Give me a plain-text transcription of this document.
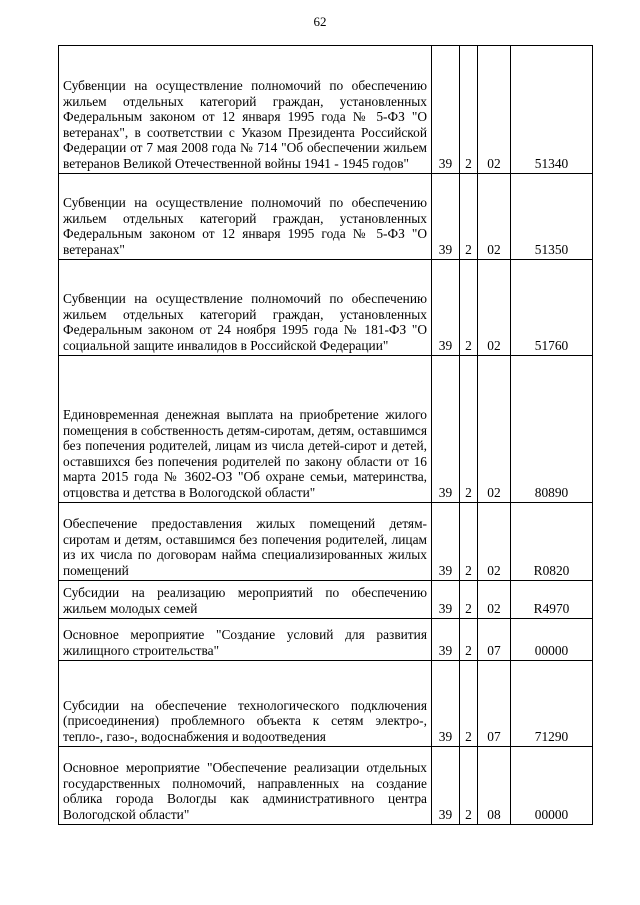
62
Субвенции на осуществление полномочий по обеспечению жильем отдельных категорий граждан, установленных Федеральным законом от 12 января 1995 года № 5-ФЗ "О ветеранах", в соответствии с Указом Президента Российской Федерации от 7 мая 2008 года № 714 "Об обеспечении жильем ветеранов Великой Отечественной войны 1941 - 1945 годов"	39	2	02	51340
Субвенции на осуществление полномочий по обеспечению жильем отдельных категорий граждан, установленных Федеральным законом от 12 января 1995 года № 5-ФЗ "О ветеранах"	39	2	02	51350
Субвенции на осуществление полномочий по обеспечению жильем отдельных категорий граждан, установленных Федеральным законом от 24 ноября 1995 года № 181-ФЗ "О социальной защите инвалидов в Российской Федерации"	39	2	02	51760
Единовременная денежная выплата на приобретение жилого помещения в собственность детям-сиротам, детям, оставшимся без попечения родителей, лицам из числа детей-сирот и детей, оставшихся без попечения родителей по закону области от 16 марта 2015 года № 3602-ОЗ "Об охране семьи, материнства, отцовства и детства в Вологодской области"	39	2	02	80890
Обеспечение предоставления жилых помещений детям-сиротам и детям, оставшимся без попечения родителей, лицам из их числа по договорам найма специализированных жилых помещений	39	2	02	R0820
Субсидии на реализацию мероприятий по обеспечению жильем молодых семей	39	2	02	R4970
Основное мероприятие "Создание условий для развития жилищного строительства"	39	2	07	00000
Субсидии на обеспечение технологического подключения (присоединения) проблемного объекта к сетям электро-, тепло-, газо-, водоснабжения и водоотведения	39	2	07	71290
Основное мероприятие "Обеспечение реализации отдельных государственных полномочий, направленных на создание облика города Вологды как административного центра Вологодской области"	39	2	08	00000
